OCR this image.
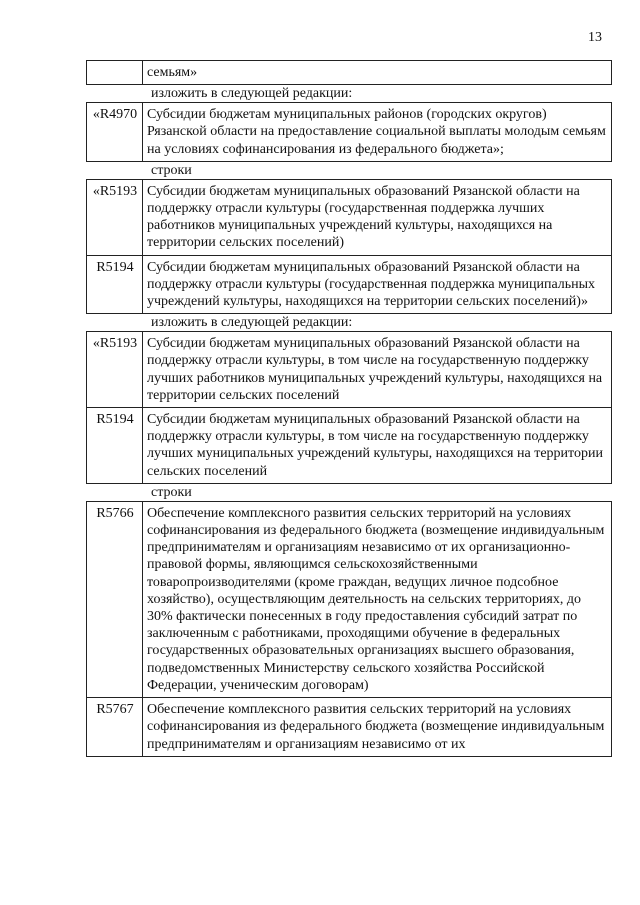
13
семьям»
изложить в следующей редакции:
«R4970 Субсидии бюджетам муниципальных районов (городских округов) Рязанской области на предоставление социальной выплаты молодым семьям на условиях софинансирования из федерального бюджета»;
строки
«R5193 Субсидии бюджетам муниципальных образований Рязанской области на поддержку отрасли культуры (государственная поддержка лучших работников муниципальных учреждений культуры, находящихся на территории сельских поселений)
R5194 Субсидии бюджетам муниципальных образований Рязанской области на поддержку отрасли культуры (государственная поддержка муниципальных учреждений культуры, находящихся на территории сельских поселений)»
изложить в следующей редакции:
«R5193 Субсидии бюджетам муниципальных образований Рязанской области на поддержку отрасли культуры, в том числе на государственную поддержку лучших работников муниципальных учреждений культуры, находящихся на территории сельских поселений
R5194 Субсидии бюджетам муниципальных образований Рязанской области на поддержку отрасли культуры, в том числе на государственную поддержку лучших муниципальных учреждений культуры, находящихся на территории сельских поселений
строки
R5766 Обеспечение комплексного развития сельских территорий на условиях софинансирования из федерального бюджета (возмещение индивидуальным предпринимателям и организациям независимо от их организационно-правовой формы, являющимся сельскохозяйственными товаропроизводителями (кроме граждан, ведущих личное подсобное хозяйство), осуществляющим деятельность на сельских территориях, до 30% фактически понесенных в году предоставления субсидий затрат по заключенным с работниками, проходящими обучение в федеральных государственных образовательных организациях высшего образования, подведомственных Министерству сельского хозяйства Российской Федерации, ученическим договорам)
R5767 Обеспечение комплексного развития сельских территорий на условиях софинансирования из федерального бюджета (возмещение индивидуальным предпринимателям и организациям независимо от их
